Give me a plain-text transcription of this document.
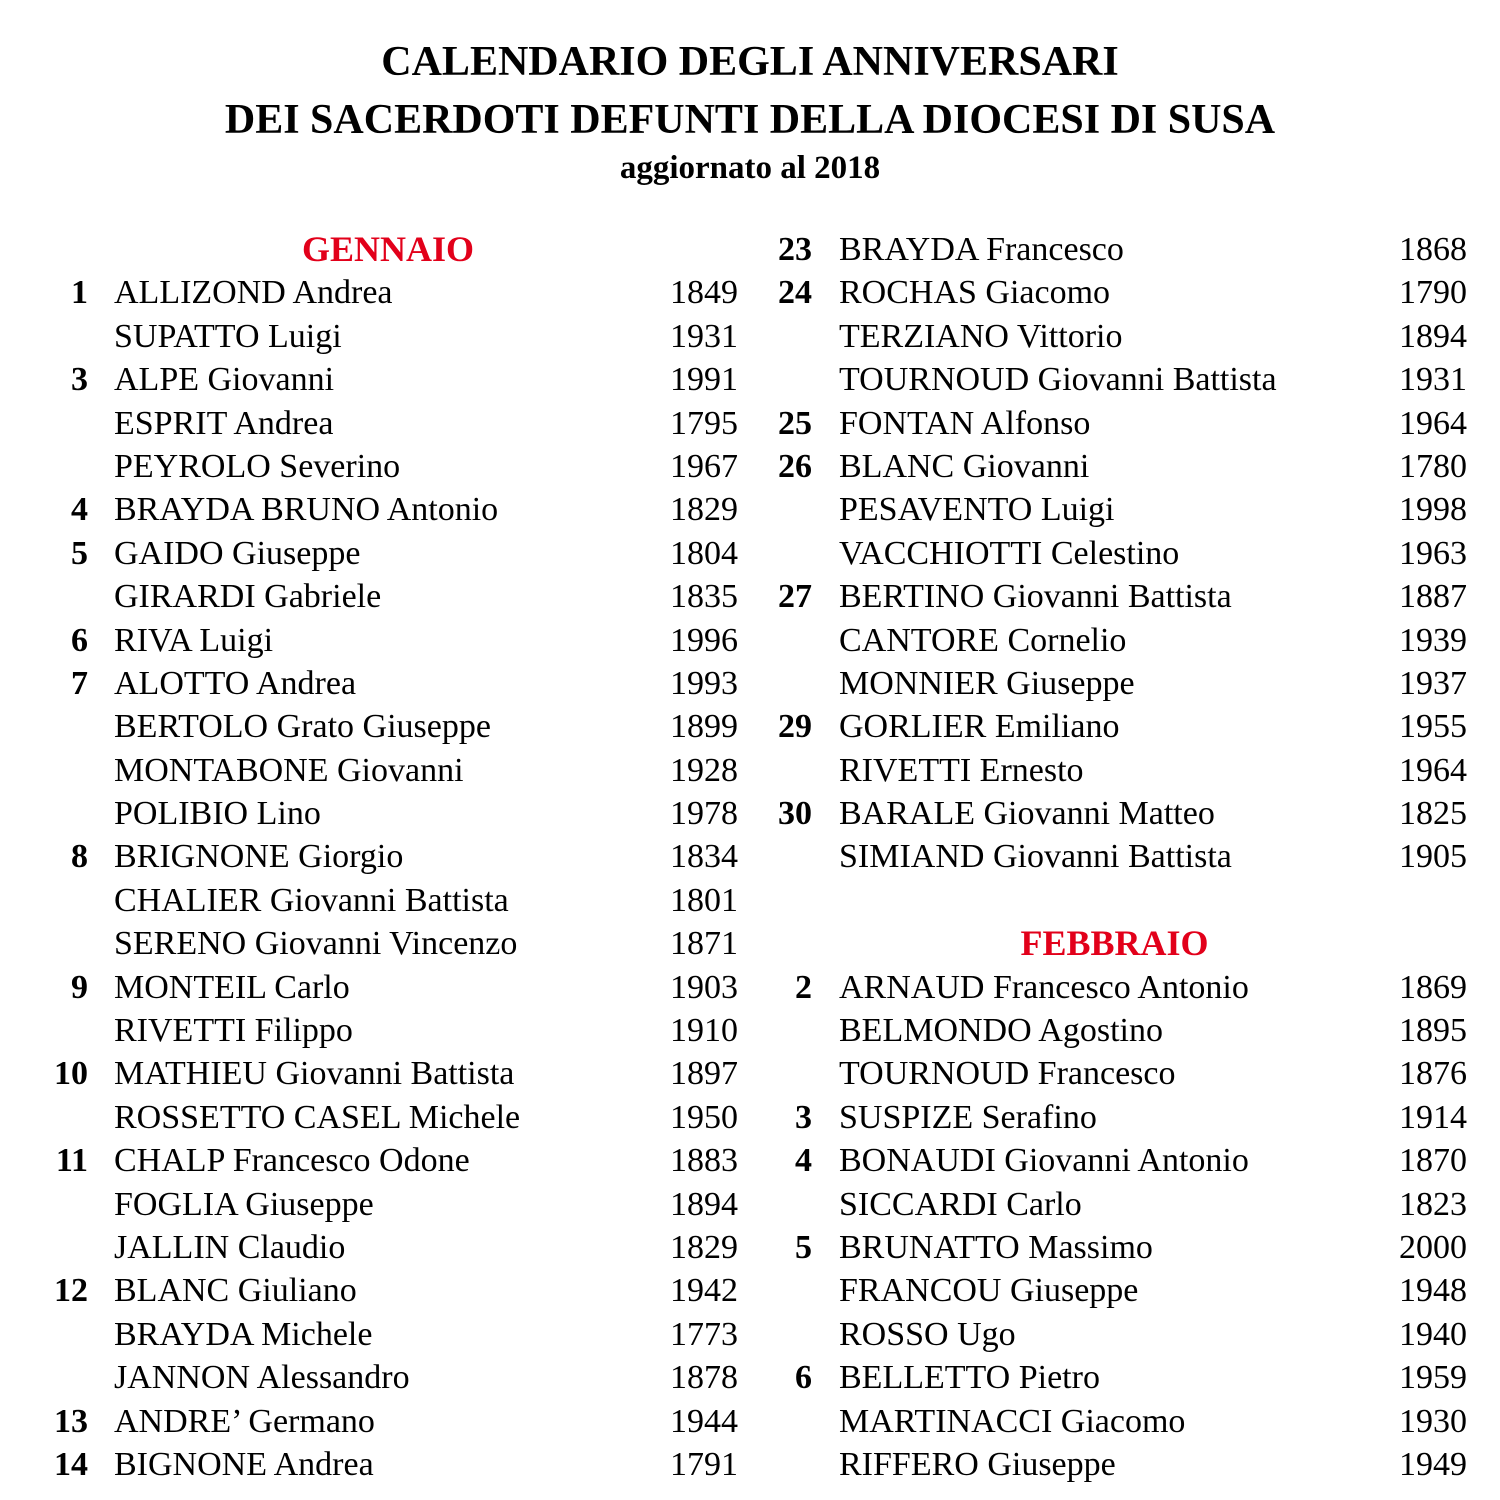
CALENDARIO DEGLI ANNIVERSARI
DEI SACERDOTI DEFUNTI DELLA DIOCESI DI SUSA
aggiornato al 2018
GENNAIO
1 ALLIZOND Andrea	1849
SUPATTO Luigi	1931
3 ALPE Giovanni	1991
ESPRIT Andrea	1795
PEYROLO Severino	1967
4 BRAYDA BRUNO Antonio	1829
5 GAIDO Giuseppe	1804
GIRARDI Gabriele	1835
6 RIVA Luigi	1996
7 ALOTTO Andrea	1993
BERTOLO Grato Giuseppe	1899
MONTABONE Giovanni	1928
POLIBIO Lino	1978
8 BRIGNONE Giorgio	1834
CHALIER Giovanni Battista	1801
SERENO Giovanni Vincenzo	1871
9 MONTEIL Carlo	1903
RIVETTI Filippo	1910
10 MATHIEU Giovanni Battista	1897
ROSSETTO CASEL Michele	1950
11 CHALP Francesco Odone	1883
FOGLIA Giuseppe	1894
JALLIN Claudio	1829
12 BLANC Giuliano	1942
BRAYDA Michele	1773
JANNON Alessandro	1878
13 ANDRE’ Germano	1944
14 BIGNONE Andrea	1791
23 BRAYDA Francesco	1868
24 ROCHAS Giacomo	1790
TERZIANO Vittorio	1894
TOURNOUD Giovanni Battista	1931
25 FONTAN Alfonso	1964
26 BLANC Giovanni	1780
PESAVENTO Luigi	1998
VACCHIOTTI Celestino	1963
27 BERTINO Giovanni Battista	1887
CANTORE Cornelio	1939
MONNIER Giuseppe	1937
29 GORLIER Emiliano	1955
RIVETTI Ernesto	1964
30 BARALE Giovanni Matteo	1825
SIMIAND Giovanni Battista	1905
FEBBRAIO
2 ARNAUD Francesco Antonio	1869
BELMONDO Agostino	1895
TOURNOUD Francesco	1876
3 SUSPIZE Serafino	1914
4 BONAUDI Giovanni Antonio	1870
SICCARDI Carlo	1823
5 BRUNATTO Massimo	2000
FRANCOU Giuseppe	1948
ROSSO Ugo	1940
6 BELLETTO Pietro	1959
MARTINACCI Giacomo	1930
RIFFERO Giuseppe	1949
